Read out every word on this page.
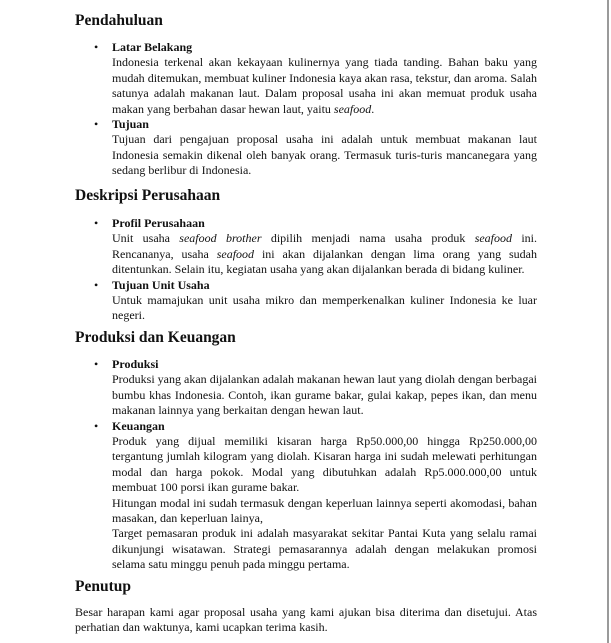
Pendahuluan
• Latar Belakang

Indonesia terkenal akan kekayaan kulinernya yang tiada tanding. Bahan baku yang mudah ditemukan, membuat kuliner Indonesia kaya akan rasa, tekstur, dan aroma. Salah satunya adalah makanan laut. Dalam proposal usaha ini akan memuat produk usaha makan yang berbahan dasar hewan laut, yaitu seafood.

• Tujuan

Tujuan dari pengajuan proposal usaha ini adalah untuk membuat makanan laut Indonesia semakin dikenal oleh banyak orang. Termasuk turis-turis mancanegara yang sedang berlibur di Indonesia.

Deskripsi Perusahaan
• Profil Perusahaan

Unit usaha seafood brother dipilih menjadi nama usaha produk seafood ini. Rencananya, usaha seafood ini akan dijalankan dengan lima orang yang sudah ditentunkan. Selain itu, kegiatan usaha yang akan dijalankan berada di bidang kuliner.

• Tujuan Unit Usaha

Untuk mamajukan unit usaha mikro dan memperkenalkan kuliner Indonesia ke luar negeri.

Produksi dan Keuangan
• Produksi

Produksi yang akan dijalankan adalah makanan hewan laut yang diolah dengan berbagai bumbu khas Indonesia. Contoh, ikan gurame bakar, gulai kakap, pepes ikan, dan menu makanan lainnya yang berkaitan dengan hewan laut.

• Keuangan

Produk yang dijual memiliki kisaran harga Rp50.000,00 hingga Rp250.000,00 tergantung jumlah kilogram yang diolah. Kisaran harga ini sudah melewati perhitungan modal dan harga pokok. Modal yang dibutuhkan adalah Rp5.000.000,00 untuk membuat 100 porsi ikan gurame bakar.

Hitungan modal ini sudah termasuk dengan keperluan lainnya seperti akomodasi, bahan masakan, dan keperluan lainya,

Target pemasaran produk ini adalah masyarakat sekitar Pantai Kuta yang selalu ramai dikunjungi wisatawan. Strategi pemasarannya adalah dengan melakukan promosi selama satu minggu penuh pada minggu pertama.

Penutup

Besar harapan kami agar proposal usaha yang kami ajukan bisa diterima dan disetujui. Atas perhatian dan waktunya, kami ucapkan terima kasih.
